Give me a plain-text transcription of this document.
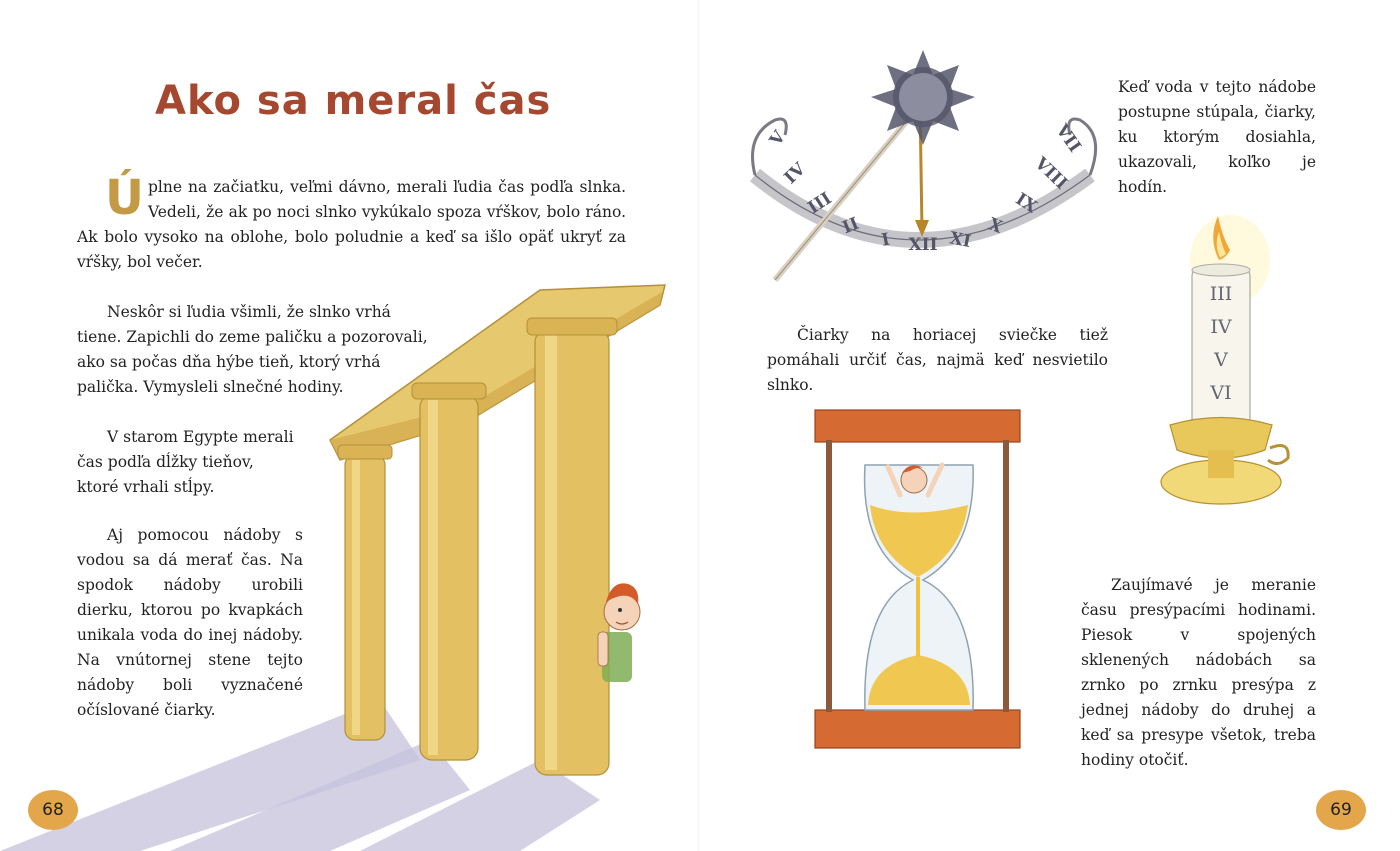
Ako sa meral čas
Ú plne na začiatku, veľmi dávno, merali ľudia čas podľa slnka. Vedeli, že ak po noci slnko vykúkalo spoza vŕškov, bolo ráno. Ak bolo vysoko na oblohe, bolo poludnie a keď sa išlo opäť ukryť za vŕšky, bol večer.

Neskôr si ľudia všimli, že slnko vrhá tiene. Zapichli do zeme paličku a pozorovali, ako sa počas dňa hýbe tieň, ktorý vrhá palička. Vymysleli slnečné hodiny.

V starom Egypte merali čas podľa dĺžky tieňov, ktoré vrhali stĺpy.

Aj pomocou nádoby s vodou sa dá merať čas. Na spodok nádoby urobili dierku, ktorou po kvapkách unikala voda do inej nádoby. Na vnútornej stene tejto nádoby boli vyznačené očíslované čiarky.

68
VII
VIII
IX
X
XI
XII
I
II
III
IV
V

Keď voda v tejto nádobe postupne stúpala, čiarky, ku ktorým dosiahla, ukazovali, koľko je hodín.

III
IV
V
VI

Čiarky na horiacej sviečke tiež pomáhali určiť čas, najmä keď nesvietilo slnko.

Zaujímavé je meranie času presýpacími hodinami. Piesok v spojených sklenených nádobách sa zrnko po zrnku presýpa z jednej nádoby do druhej a keď sa presype všetok, treba hodiny otočiť.

69
